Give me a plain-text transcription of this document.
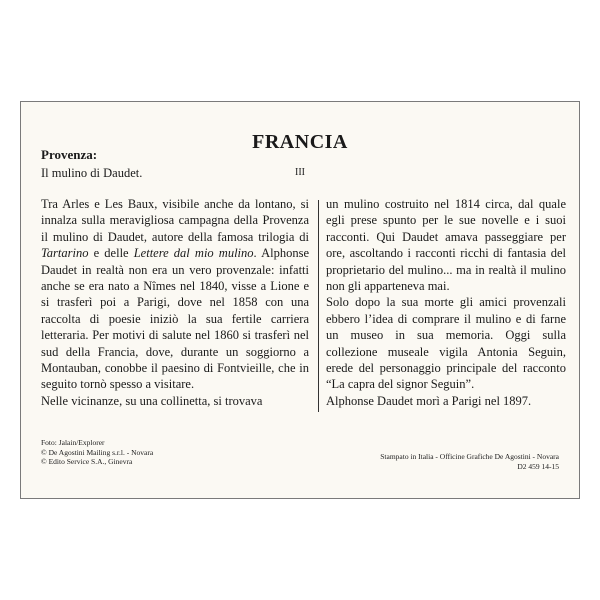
FRANCIA
Provenza:
Il mulino di Daudet.	III

Tra Arles e Les Baux, visibile anche da lontano, si innalza sulla meravigliosa campagna della Provenza il mulino di Daudet, autore della famosa trilogia di Tartarino e delle Lettere dal mio mulino. Alphonse Daudet in realtà non era un vero provenzale: infatti anche se era nato a Nîmes nel 1840, visse a Lione e si trasferì poi a Parigi, dove nel 1858 con una raccolta di poesie iniziò la sua fertile carriera letteraria. Per motivi di salute nel 1860 si trasferì nel sud della Francia, dove, durante un soggiorno a Montauban, conobbe il paesino di Fontvieille, che in seguito tornò spesso a visitare.

Nelle vicinanze, su una collinetta, si trovava

un mulino costruito nel 1814 circa, dal quale egli prese spunto per le sue novelle e i suoi racconti. Qui Daudet amava passeggiare per ore, ascoltando i racconti ricchi di fantasia del proprietario del mulino... ma in realtà il mulino non gli apparteneva mai.

Solo dopo la sua morte gli amici provenzali ebbero l’idea di comprare il mulino e di farne un museo in sua memoria. Oggi sulla collezione museale vigila Antonia Seguin, erede del personaggio principale del racconto “La capra del signor Seguin”.

Alphonse Daudet morì a Parigi nel 1897.

Foto: Jalain/Explorer
© De Agostini Mailing s.r.l. - Novara
© Edito Service S.A., Ginevra
Stampato in Italia - Officine Grafiche De Agostini - Novara
D2 459 14-15
